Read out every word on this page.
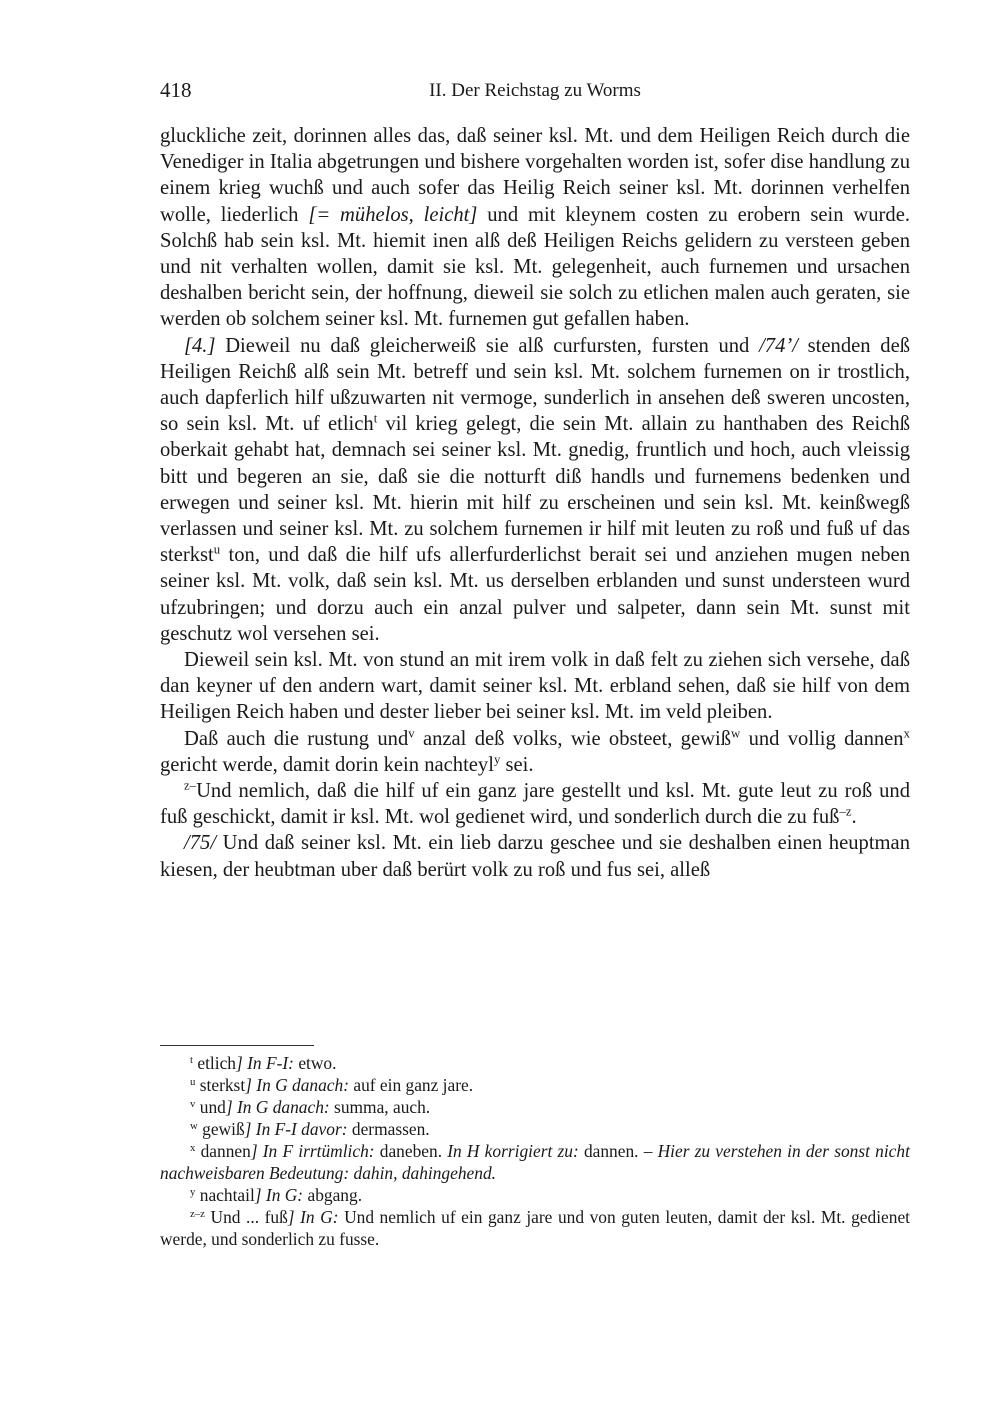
418	II. Der Reichstag zu Worms

gluckliche zeit, dorinnen alles das, daß seiner ksl. Mt. und dem Heiligen Reich durch die Venediger in Italia abgetrungen und bishere vorgehalten worden ist, sofer dise handlung zu einem krieg wuchß und auch sofer das Heilig Reich seiner ksl. Mt. dorinnen verhelfen wolle, liederlich [= mühelos, leicht] und mit kleynem costen zu erobern sein wurde. Solchß hab sein ksl. Mt. hiemit inen alß deß Heiligen Reichs gelidern zu versteen geben und nit verhalten wollen, damit sie ksl. Mt. gelegenheit, auch furnemen und ursachen deshalben bericht sein, der hoffnung, dieweil sie solch zu etlichen malen auch geraten, sie werden ob solchem seiner ksl. Mt. furnemen gut gefallen haben.

[4.] Dieweil nu daß gleicherweiß sie alß curfursten, fursten und /74’/ stenden deß Heiligen Reichß alß sein Mt. betreff und sein ksl. Mt. solchem furnemen on ir trostlich, auch dapferlich hilf ußzuwarten nit vermoge, sunderlich in ansehen deß sweren uncosten, so sein ksl. Mt. uf etlich$^t$ vil krieg gelegt, die sein Mt. allain zu hanthaben des Reichß oberkait gehabt hat, demnach sei seiner ksl. Mt. gnedig, fruntlich und hoch, auch vleissig bitt und begeren an sie, daß sie die notturft diß handls und furnemens bedenken und erwegen und seiner ksl. Mt. hierin mit hilf zu erscheinen und sein ksl. Mt. keinßwegß verlassen und seiner ksl. Mt. zu solchem furnemen ir hilf mit leuten zu roß und fuß uf das sterkst$^u$ ton, und daß die hilf ufs allerfurderlichst berait sei und anziehen mugen neben seiner ksl. Mt. volk, daß sein ksl. Mt. us derselben erblanden und sunst understeen wurd ufzubringen; und dorzu auch ein anzal pulver und salpeter, dann sein Mt. sunst mit geschutz wol versehen sei.

Dieweil sein ksl. Mt. von stund an mit irem volk in daß felt zu ziehen sich versehe, daß dan keyner uf den andern wart, damit seiner ksl. Mt. erbland sehen, daß sie hilf von dem Heiligen Reich haben und dester lieber bei seiner ksl. Mt. im veld pleiben.

Daß auch die rustung und$^v$ anzal deß volks, wie obsteet, gewiß$^w$ und vollig dannen$^x$ gericht werde, damit dorin kein nachteyl$^y$ sei.

$^{z-}$Und nemlich, daß die hilf uf ein ganz jare gestellt und ksl. Mt. gute leut zu roß und fuß geschickt, damit ir ksl. Mt. wol gedienet wird, und sonderlich durch die zu fuß$^{-z}$.

/75/ Und daß seiner ksl. Mt. ein lieb darzu geschee und sie deshalben einen heuptman kiesen, der heubtman uber daß berürt volk zu roß und fus sei, alleß

$^t$ etlich] In F-I: etwo.

$^u$ sterkst] In G danach: auf ein ganz jare.

$^v$ und] In G danach: summa, auch.

$^w$ gewiß] In F-I davor: dermassen.

$^x$ dannen] In F irrtümlich: daneben. In H korrigiert zu: dannen. – Hier zu verstehen in der sonst nicht nachweisbaren Bedeutung: dahin, dahingehend.

$^y$ nachtail] In G: abgang.

$^{z-z}$ Und ... fuß] In G: Und nemlich uf ein ganz jare und von guten leuten, damit der ksl. Mt. gedienet werde, und sonderlich zu fusse.
